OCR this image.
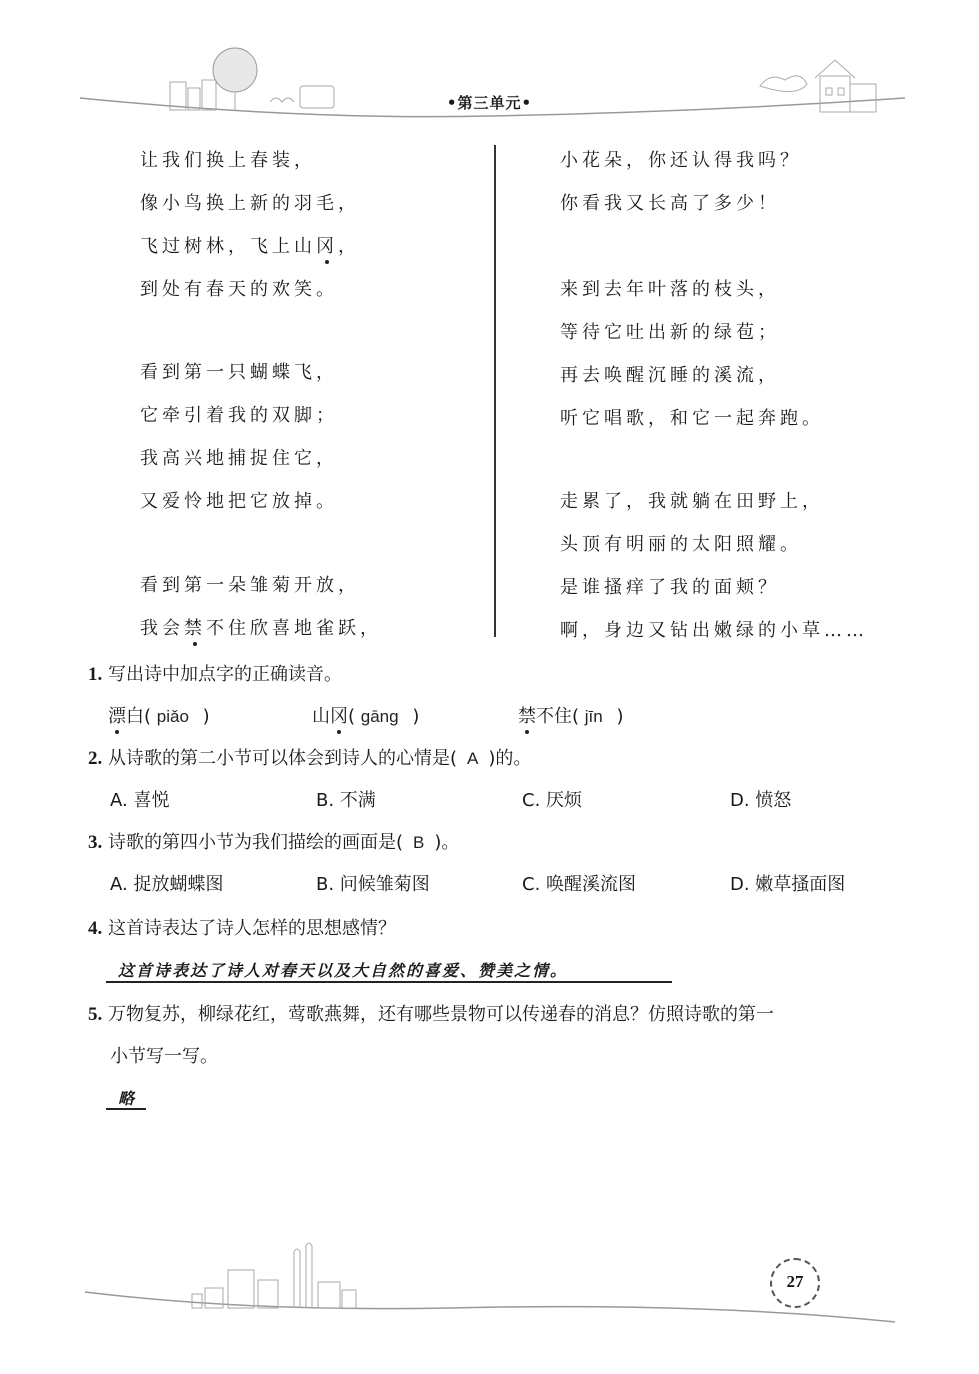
•第三单元•
让我们换上春装，
像小鸟换上新的羽毛，
飞过树林，飞上山冈，
到处有春天的欢笑。
看到第一只蝴蝶飞，
它牵引着我的双脚；
我高兴地捕捉住它，
又爱怜地把它放掉。
看到第一朵雏菊开放，
我会禁不住欣喜地雀跃，
小花朵，你还认得我吗？
你看我又长高了多少！
来到去年叶落的枝头，
等待它吐出新的绿苞；
再去唤醒沉睡的溪流，
听它唱歌，和它一起奔跑。
走累了，我就躺在田野上，
头顶有明丽的太阳照耀。
是谁搔痒了我的面颊？
啊，身边又钻出嫩绿的小草……
1. 写出诗中加点字的正确读音。
漂白( piǎo )	山冈( gāng )	禁不住( jīn )
2. 从诗歌的第二小节可以体会到诗人的心情是( A )的。
A. 喜悦	B. 不满	C. 厌烦	D. 愤怒
3. 诗歌的第四小节为我们描绘的画面是( B )。
A. 捉放蝴蝶图	B. 问候雏菊图	C. 唤醒溪流图	D. 嫩草搔面图
4. 这首诗表达了诗人怎样的思想感情？
这首诗表达了诗人对春天以及大自然的喜爱、赞美之情。
5. 万物复苏，柳绿花红，莺歌燕舞，还有哪些景物可以传递春的消息？仿照诗歌的第一
小节写一写。
略
27
